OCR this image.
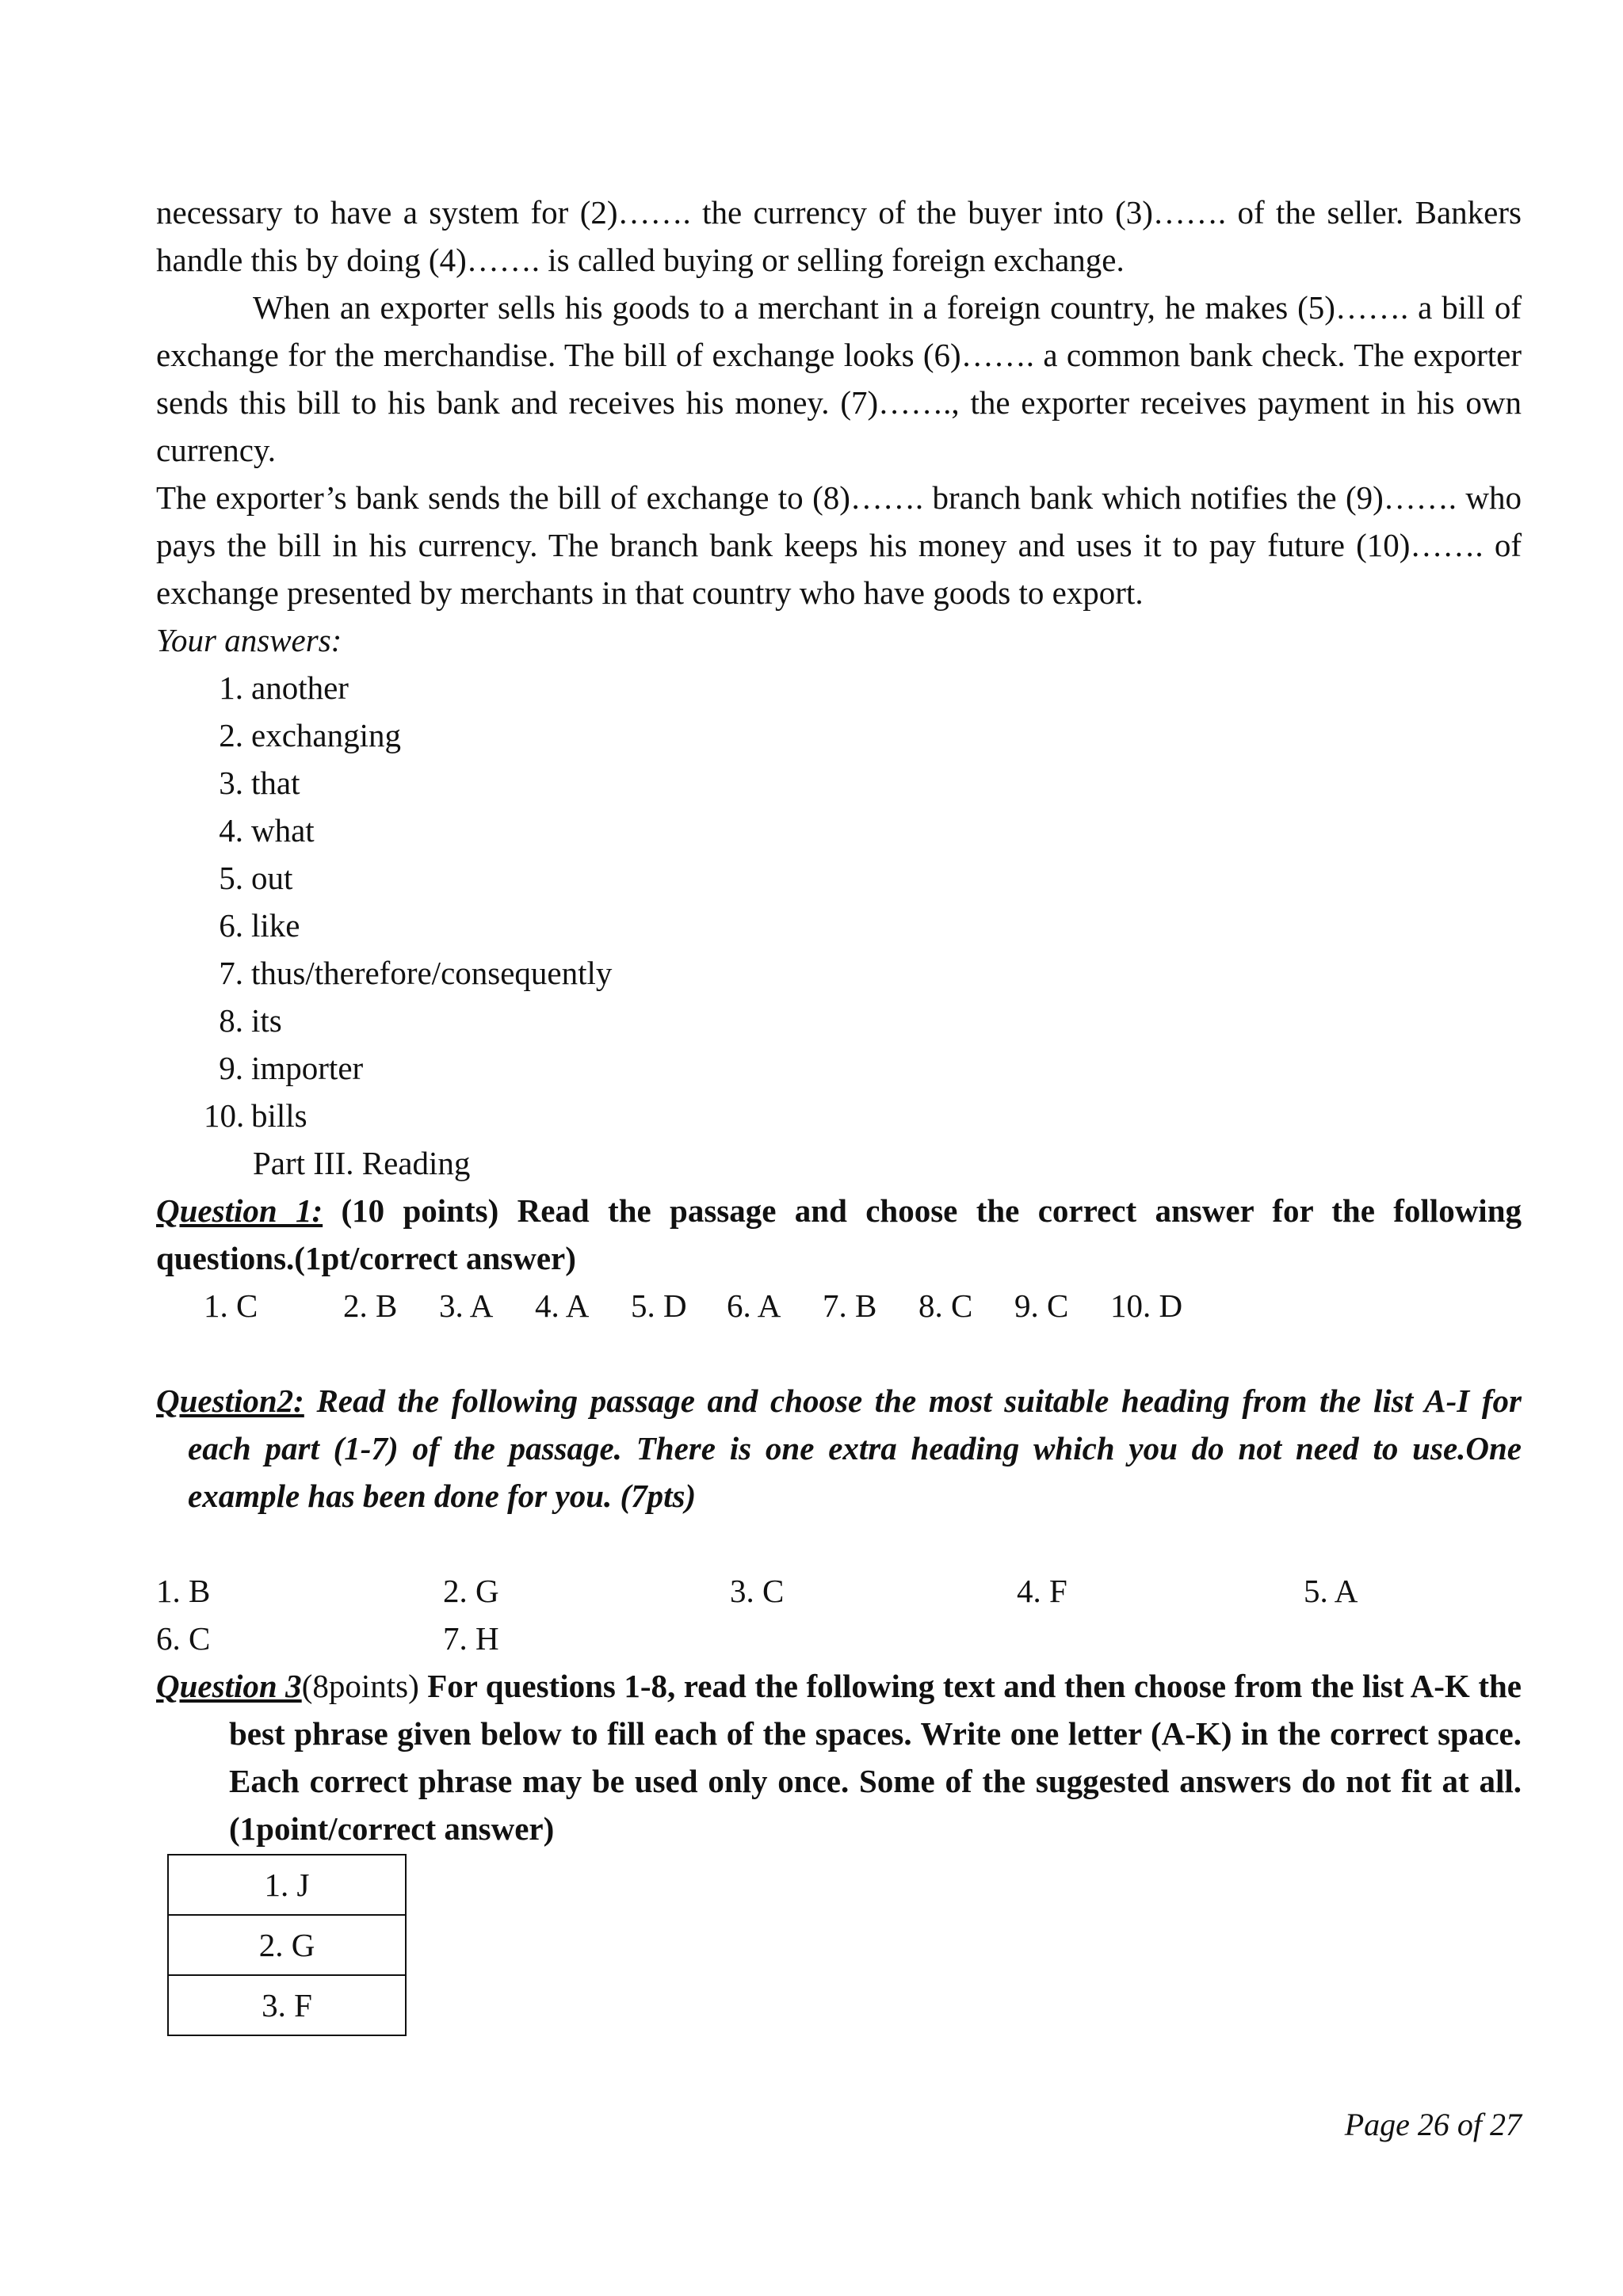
necessary to have a system for (2)……. the currency of the buyer into (3)……. of the seller. Bankers handle this by doing (4)……. is called buying or selling foreign exchange.

When an exporter sells his goods to a merchant in a foreign country, he makes (5)……. a bill of exchange for the merchandise. The bill of exchange looks (6)……. a common bank check. The exporter sends this bill to his bank and receives his money. (7)……., the exporter receives payment in his own currency.

The exporter’s bank sends the bill of exchange to (8)……. branch bank which notifies the (9)……. who pays the bill in his currency. The branch bank keeps his money and uses it to pay future (10)……. of exchange presented by merchants in that country who have goods to export.

Your answers:

1. another
2. exchanging
3. that
4. what
5. out
6. like
7. thus/therefore/consequently
8. its
9. importer
10. bills

Part III. Reading

Question 1: (10 points) Read the passage and choose the correct answer for the following questions.(1pt/correct answer)

1. C	2. B	3. A	4. A	5. D	6. A	7. B	8. C	9. C	10. D

Question2: Read the following passage and choose the most suitable heading from the list A-I for each part (1-7) of the passage. There is one extra heading which you do not need to use.One example has been done for you. (7pts)

1. B	2. G	3. C	4. F	5. A
6. C	7. H

Question 3(8points) For questions 1-8, read the following text and then choose from the list A-K the best phrase given below to fill each of the spaces. Write one letter (A-K) in the correct space. Each correct phrase may be used only once. Some of the suggested answers do not fit at all. (1point/correct answer)

1. J
2. G
3. F
Page 26 of 27
